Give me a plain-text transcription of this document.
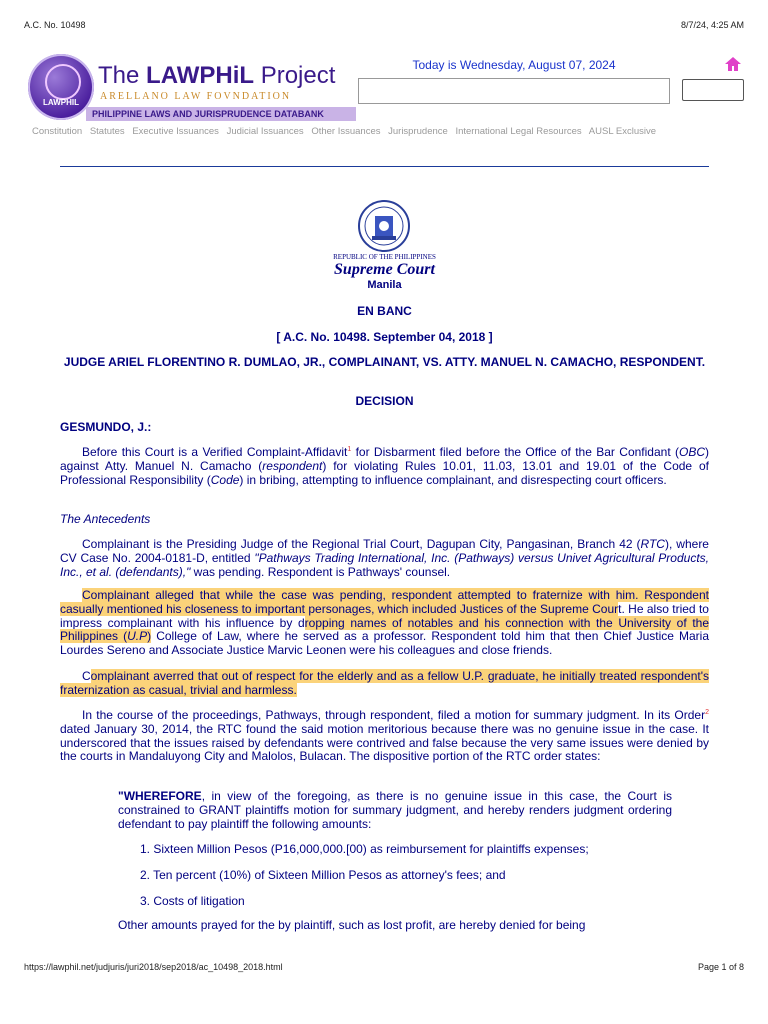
A.C. No. 10498	8/7/24, 4:25 AM
LAWPHIL
The LAWPHiL Project
ARELLANO LAW FOVNDATION
PHILIPPINE LAWS AND JURISPRUDENCE DATABANK
Today is Wednesday, August 07, 2024
Constitution Statutes Executive Issuances Judicial Issuances Other Issuances Jurisprudence International Legal Resources AUSL Exclusive
REPUBLIC OF THE PHILIPPINES
Supreme Court
Manila
EN BANC
[ A.C. No. 10498. September 04, 2018 ]
JUDGE ARIEL FLORENTINO R. DUMLAO, JR., COMPLAINANT, VS. ATTY. MANUEL N. CAMACHO, RESPONDENT.
DECISION
GESMUNDO, J.:
Before this Court is a Verified Complaint-Affidavit$^1$ for Disbarment filed before the Office of the Bar Confidant (OBC) against Atty. Manuel N. Camacho (respondent) for violating Rules 10.01, 11.03, 13.01 and 19.01 of the Code of Professional Responsibility (Code) in bribing, attempting to influence complainant, and disrespecting court officers.
The Antecedents
Complainant is the Presiding Judge of the Regional Trial Court, Dagupan City, Pangasinan, Branch 42 (RTC), where CV Case No. 2004-0181-D, entitled "Pathways Trading International, Inc. (Pathways) versus Univet Agricultural Products, Inc., et al. (defendants)," was pending. Respondent is Pathways' counsel.
Complainant alleged that while the case was pending, respondent attempted to fraternize with him. Respondent casually mentioned his closeness to important personages, which included Justices of the Supreme Court. He also tried to impress complainant with his influence by dropping names of notables and his connection with the University of the Philippines (U.P) College of Law, where he served as a professor. Respondent told him that then Chief Justice Maria Lourdes Sereno and Associate Justice Marvic Leonen were his colleagues and close friends.
Complainant averred that out of respect for the elderly and as a fellow U.P. graduate, he initially treated respondent's fraternization as casual, trivial and harmless.
In the course of the proceedings, Pathways, through respondent, filed a motion for summary judgment. In its Order$^2$ dated January 30, 2014, the RTC found the said motion meritorious because there was no genuine issue in the case. It underscored that the issues raised by defendants were contrived and false because the very same issues were denied by the courts in Mandaluyong City and Malolos, Bulacan. The dispositive portion of the RTC order states:
"WHEREFORE, in view of the foregoing, as there is no genuine issue in this case, the Court is constrained to GRANT plaintiffs motion for summary judgment, and hereby renders judgment ordering defendant to pay plaintiff the following amounts:
1. Sixteen Million Pesos (P16,000,000.[00) as reimbursement for plaintiffs expenses;
2. Ten percent (10%) of Sixteen Million Pesos as attorney's fees; and
3. Costs of litigation
Other amounts prayed for the by plaintiff, such as lost profit, are hereby denied for being
https://lawphil.net/judjuris/juri2018/sep2018/ac_10498_2018.html	Page 1 of 8
